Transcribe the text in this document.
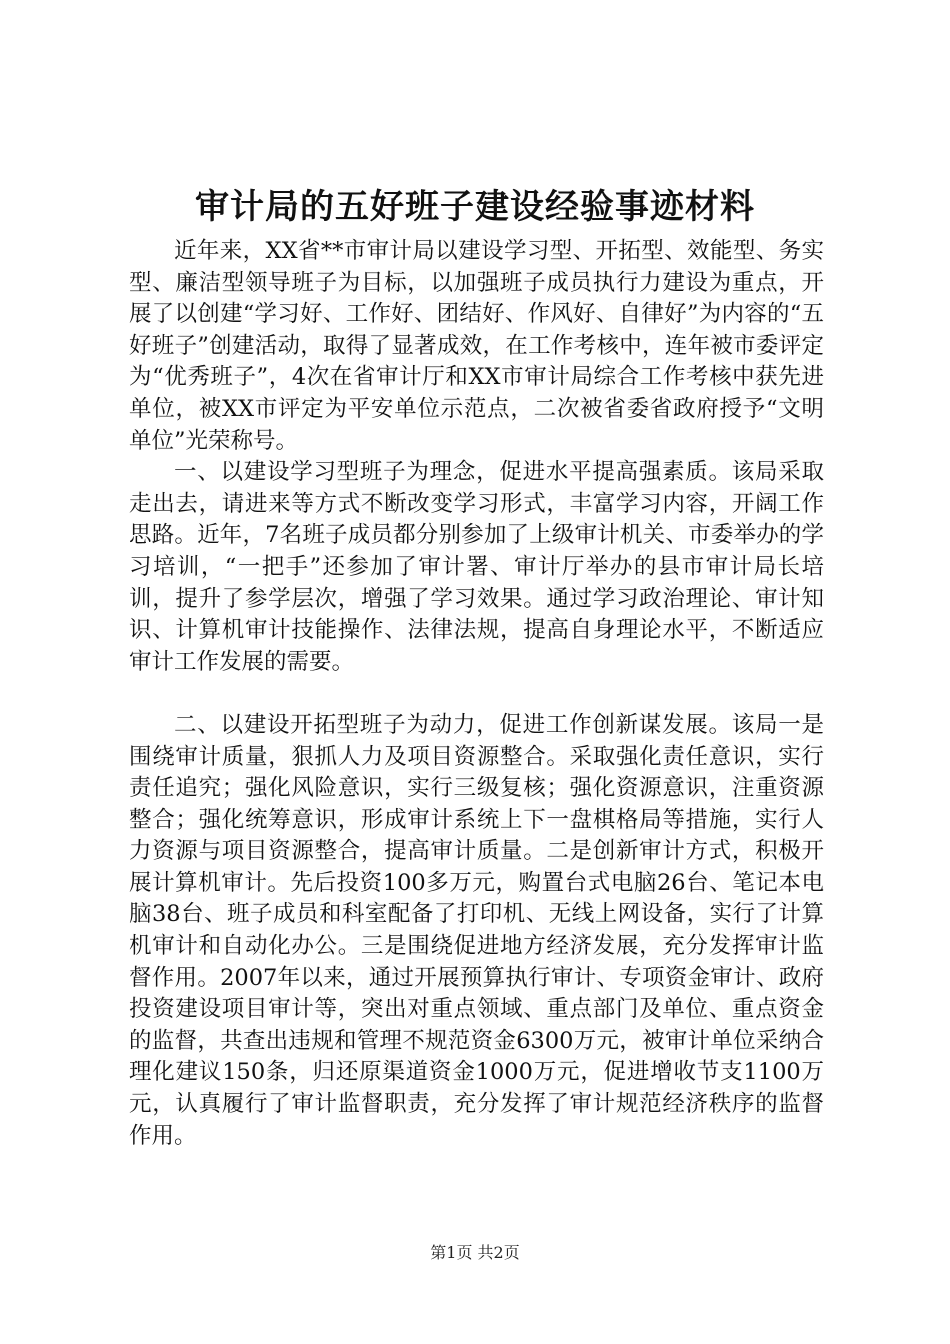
审计局的五好班子建设经验事迹材料

近年来，XX省**市审计局以建设学习型、开拓型、效能型、务实型、廉洁型领导班子为目标，以加强班子成员执行力建设为重点，开展了以创建“学习好、工作好、团结好、作风好、自律好”为内容的“五好班子”创建活动，取得了显著成效，在工作考核中，连年被市委评定为“优秀班子”，4次在省审计厅和XX市审计局综合工作考核中获先进单位，被XX市评定为平安单位示范点，二次被省委省政府授予“文明单位”光荣称号。

一、以建设学习型班子为理念，促进水平提高强素质。该局采取走出去，请进来等方式不断改变学习形式，丰富学习内容，开阔工作思路。近年，7名班子成员都分别参加了上级审计机关、市委举办的学习培训，“一把手”还参加了审计署、审计厅举办的县市审计局长培训，提升了参学层次，增强了学习效果。通过学习政治理论、审计知识、计算机审计技能操作、法律法规，提高自身理论水平，不断适应审计工作发展的需要。

二、以建设开拓型班子为动力，促进工作创新谋发展。该局一是围绕审计质量，狠抓人力及项目资源整合。采取强化责任意识，实行责任追究；强化风险意识，实行三级复核；强化资源意识，注重资源整合；强化统筹意识，形成审计系统上下一盘棋格局等措施，实行人力资源与项目资源整合，提高审计质量。二是创新审计方式，积极开展计算机审计。先后投资100多万元，购置台式电脑26台、笔记本电脑38台、班子成员和科室配备了打印机、无线上网设备，实行了计算机审计和自动化办公。三是围绕促进地方经济发展，充分发挥审计监督作用。2007年以来，通过开展预算执行审计、专项资金审计、政府投资建设项目审计等，突出对重点领域、重点部门及单位、重点资金的监督，共查出违规和管理不规范资金6300万元，被审计单位采纳合理化建议150条，归还原渠道资金1000万元，促进增收节支1100万元，认真履行了审计监督职责，充分发挥了审计规范经济秩序的监督作用。

第1页 共2页
